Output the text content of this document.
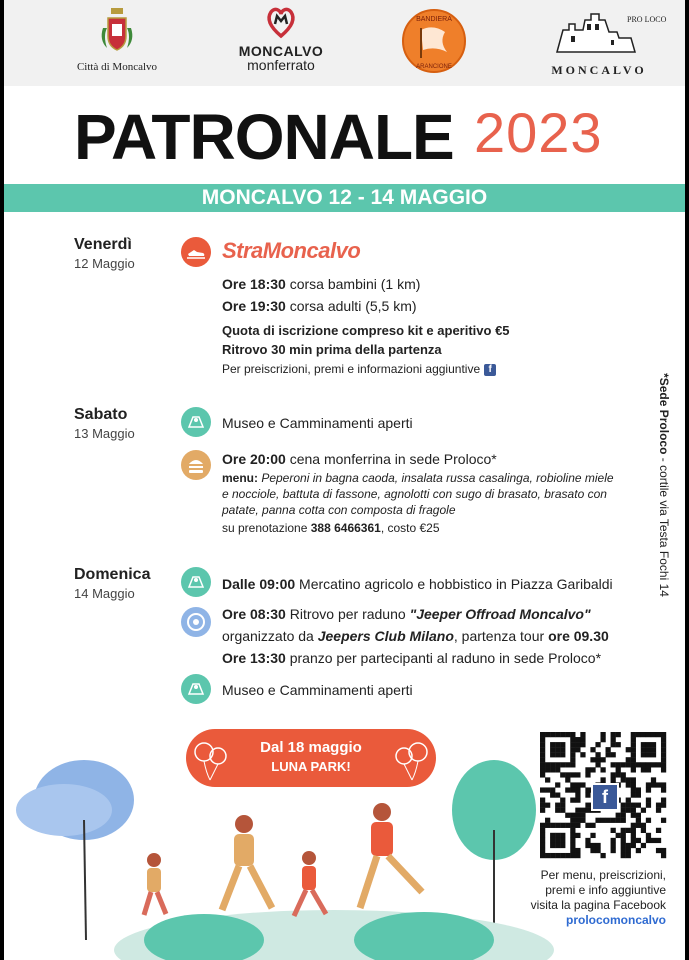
Città di Moncalvo
MONCALVO
monferrato
BANDIERA
ARANCIONE
PRO LOCO
MONCALVO
PATRONALE 2023
MONCALVO 12 - 14 MAGGIO
Venerdì
12 Maggio
StraMoncalvo
Ore 18:30 corsa bambini (1 km)
Ore 19:30 corsa adulti (5,5 km)
Quota di iscrizione compreso kit e aperitivo €5
Ritrovo 30 min prima della partenza
Per preiscrizioni, premi e informazioni aggiuntive f
Sabato
13 Maggio
Museo e Camminamenti aperti
Ore 20:00 cena monferrina in sede Proloco*
menu: Peperoni in bagna caoda, insalata russa casalinga, robioline miele
e nocciole, battuta di fassone, agnolotti con sugo di brasato, brasato con
patate, panna cotta con composta di fragole
su prenotazione 388 6466361, costo €25
Domenica
14 Maggio
Dalle 09:00 Mercatino agricolo e hobbistico in Piazza Garibaldi
Ore 08:30 Ritrovo per raduno "Jeeper Offroad Moncalvo"
organizzato da Jeepers Club Milano, partenza tour ore 09.30
Ore 13:30 pranzo per partecipanti al raduno in sede Proloco*
Museo e Camminamenti aperti
*Sede Proloco - cortile via Testa Fochi 14
Dal 18 maggio
LUNA PARK!
f
Per menu, preiscrizioni,
premi e info aggiuntive
visita la pagina Facebook
prolocomoncalvo
